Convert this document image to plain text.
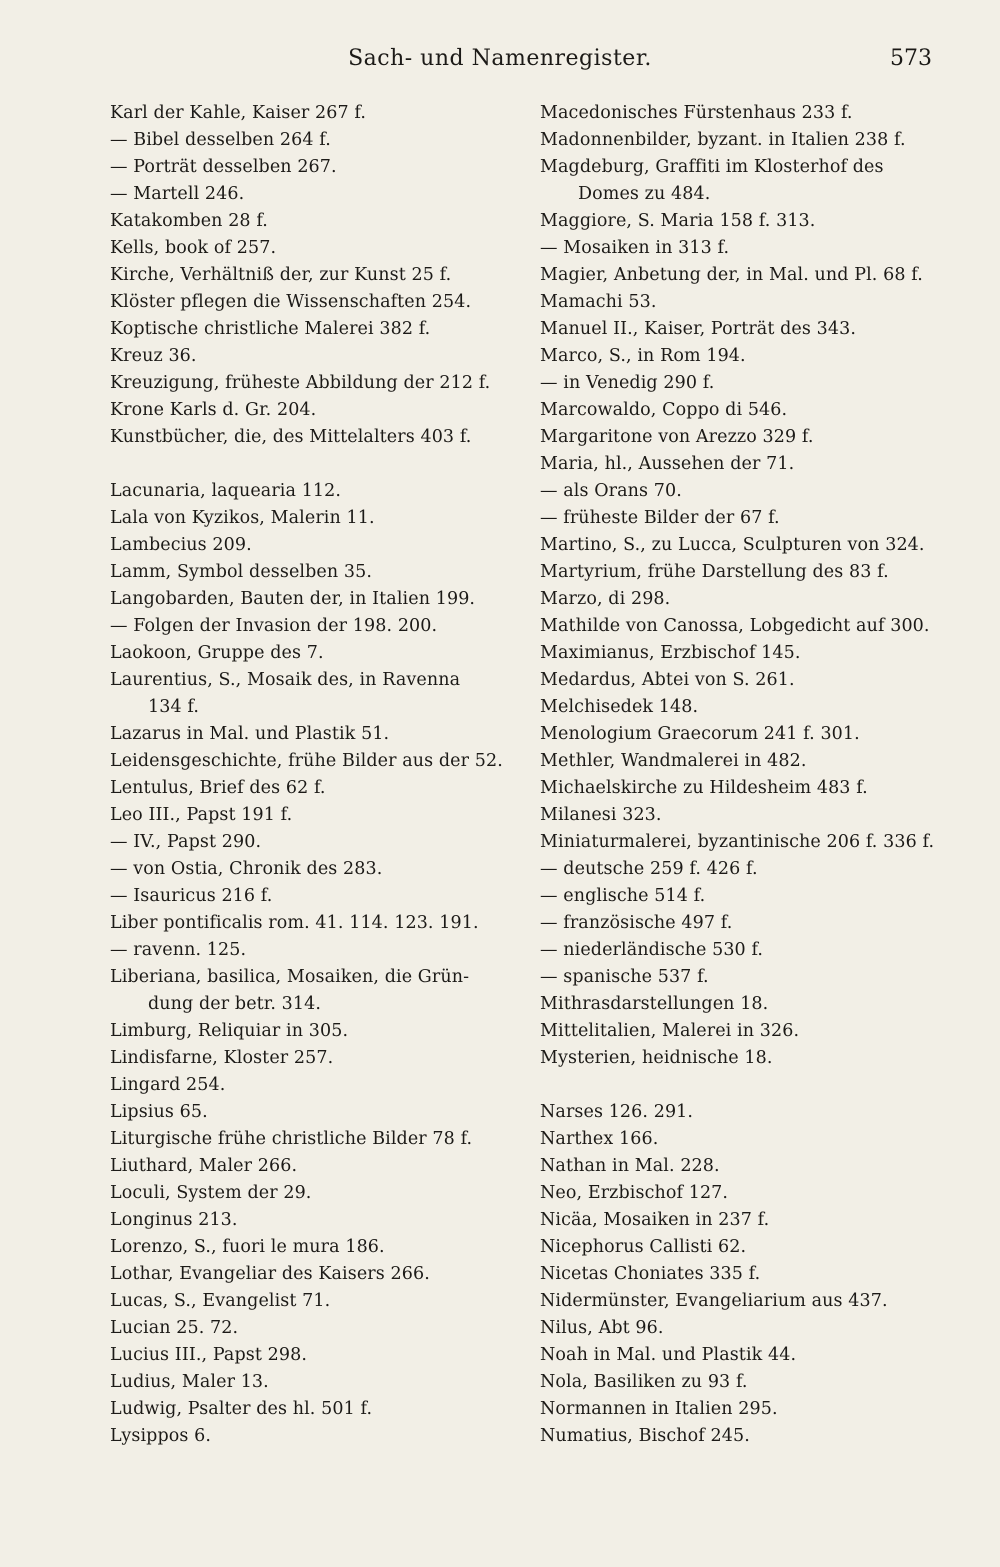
Sach- und Namenregister.	573
Karl der Kahle, Kaiser 267 f.
— Bibel desselben 264 f.
— Porträt desselben 267.
— Martell 246.
Katakomben 28 f.
Kells, book of 257.
Kirche, Verhältniß der, zur Kunst 25 f.
Klöster pflegen die Wissenschaften 254.
Koptische christliche Malerei 382 f.
Kreuz 36.
Kreuzigung, früheste Abbildung der 212 f.
Krone Karls d. Gr. 204.
Kunstbücher, die, des Mittelalters 403 f.
Lacunaria, laquearia 112.
Lala von Kyzikos, Malerin 11.
Lambecius 209.
Lamm, Symbol desselben 35.
Langobarden, Bauten der, in Italien 199.
— Folgen der Invasion der 198. 200.
Laokoon, Gruppe des 7.
Laurentius, S., Mosaik des, in Ravenna
134 f.
Lazarus in Mal. und Plastik 51.
Leidensgeschichte, frühe Bilder aus der 52.
Lentulus, Brief des 62 f.
Leo III., Papst 191 f.
— IV., Papst 290.
— von Ostia, Chronik des 283.
— Isauricus 216 f.
Liber pontificalis rom. 41. 114. 123. 191.
— ravenn. 125.
Liberiana, basilica, Mosaiken, die Grün-
dung der betr. 314.
Limburg, Reliquiar in 305.
Lindisfarne, Kloster 257.
Lingard 254.
Lipsius 65.
Liturgische frühe christliche Bilder 78 f.
Liuthard, Maler 266.
Loculi, System der 29.
Longinus 213.
Lorenzo, S., fuori le mura 186.
Lothar, Evangeliar des Kaisers 266.
Lucas, S., Evangelist 71.
Lucian 25. 72.
Lucius III., Papst 298.
Ludius, Maler 13.
Ludwig, Psalter des hl. 501 f.
Lysippos 6.
Macedonisches Fürstenhaus 233 f.
Madonnenbilder, byzant. in Italien 238 f.
Magdeburg, Graffiti im Klosterhof des
Domes zu 484.
Maggiore, S. Maria 158 f. 313.
— Mosaiken in 313 f.
Magier, Anbetung der, in Mal. und Pl. 68 f.
Mamachi 53.
Manuel II., Kaiser, Porträt des 343.
Marco, S., in Rom 194.
— in Venedig 290 f.
Marcowaldo, Coppo di 546.
Margaritone von Arezzo 329 f.
Maria, hl., Aussehen der 71.
— als Orans 70.
— früheste Bilder der 67 f.
Martino, S., zu Lucca, Sculpturen von 324.
Martyrium, frühe Darstellung des 83 f.
Marzo, di 298.
Mathilde von Canossa, Lobgedicht auf 300.
Maximianus, Erzbischof 145.
Medardus, Abtei von S. 261.
Melchisedek 148.
Menologium Graecorum 241 f. 301.
Methler, Wandmalerei in 482.
Michaelskirche zu Hildesheim 483 f.
Milanesi 323.
Miniaturmalerei, byzantinische 206 f. 336 f.
— deutsche 259 f. 426 f.
— englische 514 f.
— französische 497 f.
— niederländische 530 f.
— spanische 537 f.
Mithrasdarstellungen 18.
Mittelitalien, Malerei in 326.
Mysterien, heidnische 18.
Narses 126. 291.
Narthex 166.
Nathan in Mal. 228.
Neo, Erzbischof 127.
Nicäa, Mosaiken in 237 f.
Nicephorus Callisti 62.
Nicetas Choniates 335 f.
Nidermünster, Evangeliarium aus 437.
Nilus, Abt 96.
Noah in Mal. und Plastik 44.
Nola, Basiliken zu 93 f.
Normannen in Italien 295.
Numatius, Bischof 245.
